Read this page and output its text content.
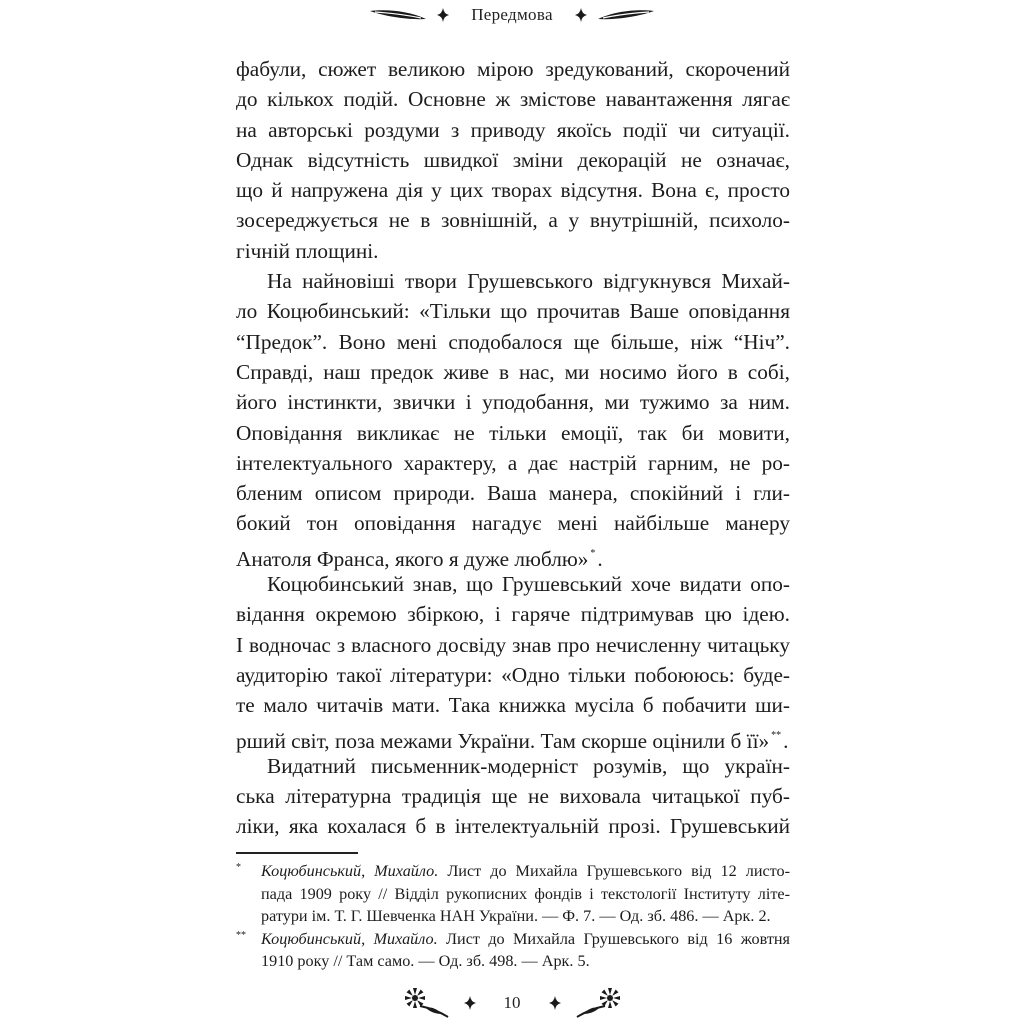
Передмова
фабули, сюжет великою мірою зредукований, скорочений
до кількох подій. Основне ж змістове навантаження лягає
на авторські роздуми з приводу якоїсь події чи ситуації.
Однак відсутність швидкої зміни декорацій не означає,
що й напружена дія у цих творах відсутня. Вона є, просто
зосереджується не в зовнішній, а у внутрішній, психоло-
гічній площині.
На найновіші твори Грушевського відгукнувся Михай-
ло Коцюбинський: «Тільки що прочитав Ваше оповідання
“Предок”. Воно мені сподобалося ще більше, ніж “Ніч”.
Справді, наш предок живе в нас, ми носимо його в собі,
його інстинкти, звички і уподобання, ми тужимо за ним.
Оповідання викликає не тільки емоції, так би мовити,
інтелектуального характеру, а дає настрій гарним, не ро-
бленим описом природи. Ваша манера, спокійний і гли-
бокий тон оповідання нагадує мені найбільше манеру
Анатоля Франса, якого я дуже люблю» *.
Коцюбинський знав, що Грушевський хоче видати опо-
відання окремою збіркою, і гаряче підтримував цю ідею.
І водночас з власного досвіду знав про нечисленну читацьку
аудиторію такої літератури: «Одно тільки побоююсь: буде-
те мало читачів мати. Така книжка мусіла б побачити ши-
рший світ, поза межами України. Там скорше оцінили б її» **.
Видатний письменник-модерніст розумів, що україн-
ська літературна традиція ще не виховала читацької пуб-
ліки, яка кохалася б в інтелектуальній прозі. Грушевський
* Коцюбинський, Михайло. Лист до Михайла Грушевського від 12 листо-
пада 1909 року // Відділ рукописних фондів і текстології Інституту літе-
ратури ім. Т. Г. Шевченка НАН України. — Ф. 7. — Од. зб. 486. — Арк. 2.
** Коцюбинський, Михайло. Лист до Михайла Грушевського від 16 жовтня
1910 року // Там само. — Од. зб. 498. — Арк. 5.
10
